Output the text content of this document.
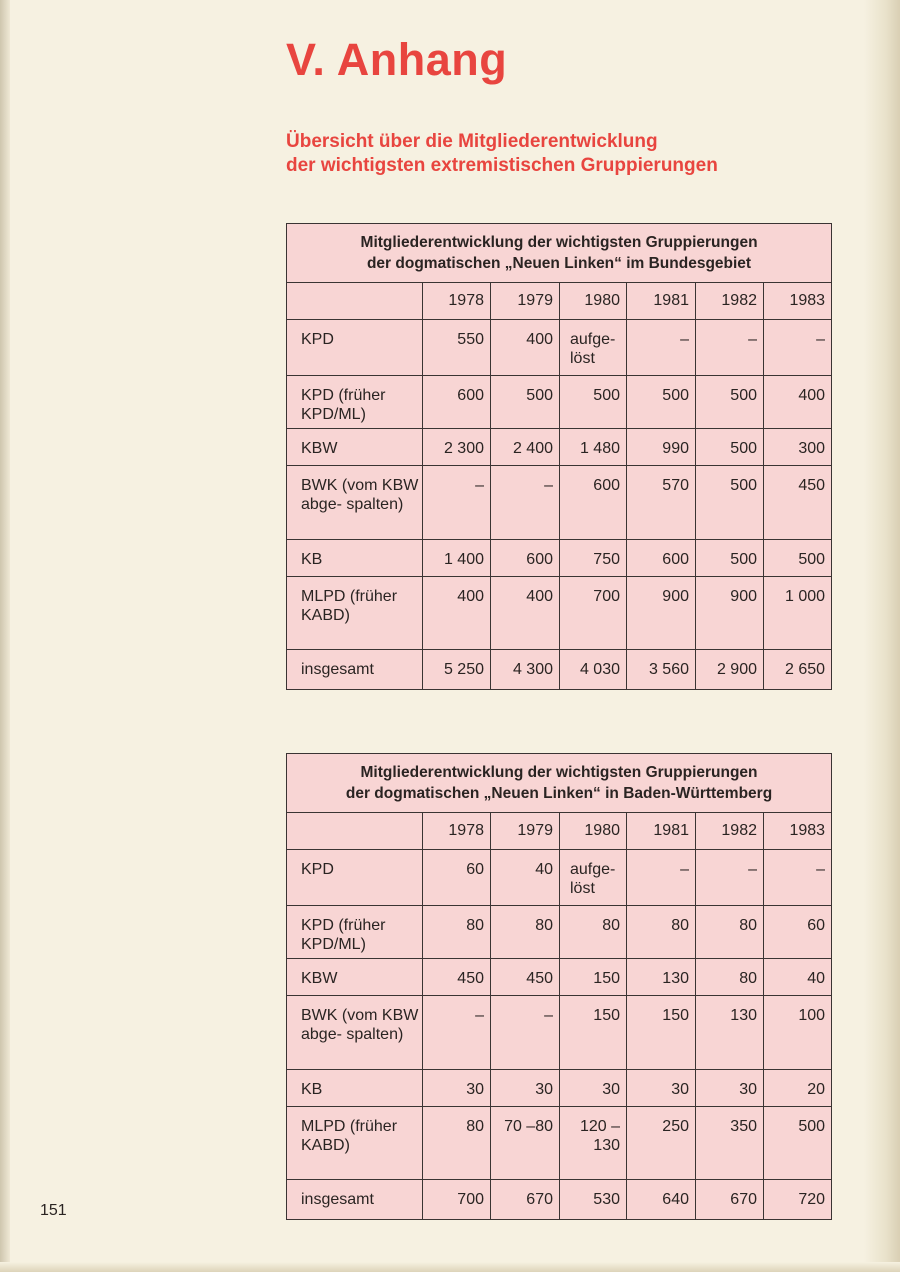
V. Anhang
Übersicht über die Mitgliederentwicklung
der wichtigsten extremistischen Gruppierungen
Mitgliederentwicklung der wichtigsten Gruppierungen
der dogmatischen „Neuen Linken“ im Bundesgebiet						

	1978	1979	1980	1981	1982	1983
KPD	550	400	aufge- löst	–	–	–
KPD (früher KPD/ML)	600	500	500	500	500	400
KBW	2 300	2 400	1 480	990	500	300
BWK (vom KBW abge- spalten)	–	–	600	570	500	450
KB	1 400	600	750	600	500	500
MLPD (früher KABD)	400	400	700	900	900	1 000
insgesamt	5 250	4 300	4 030	3 560	2 900	2 650
Mitgliederentwicklung der wichtigsten Gruppierungen
der dogmatischen „Neuen Linken“ in Baden-Württemberg						

	1978	1979	1980	1981	1982	1983
KPD	60	40	aufge- löst	–	–	–
KPD (früher KPD/ML)	80	80	80	80	80	60
KBW	450	450	150	130	80	40
BWK (vom KBW abge- spalten)	–	–	150	150	130	100
KB	30	30	30	30	30	20
MLPD (früher KABD)	80	70 –80	120 –130	250	350	500
insgesamt	700	670	530	640	670	720
151
